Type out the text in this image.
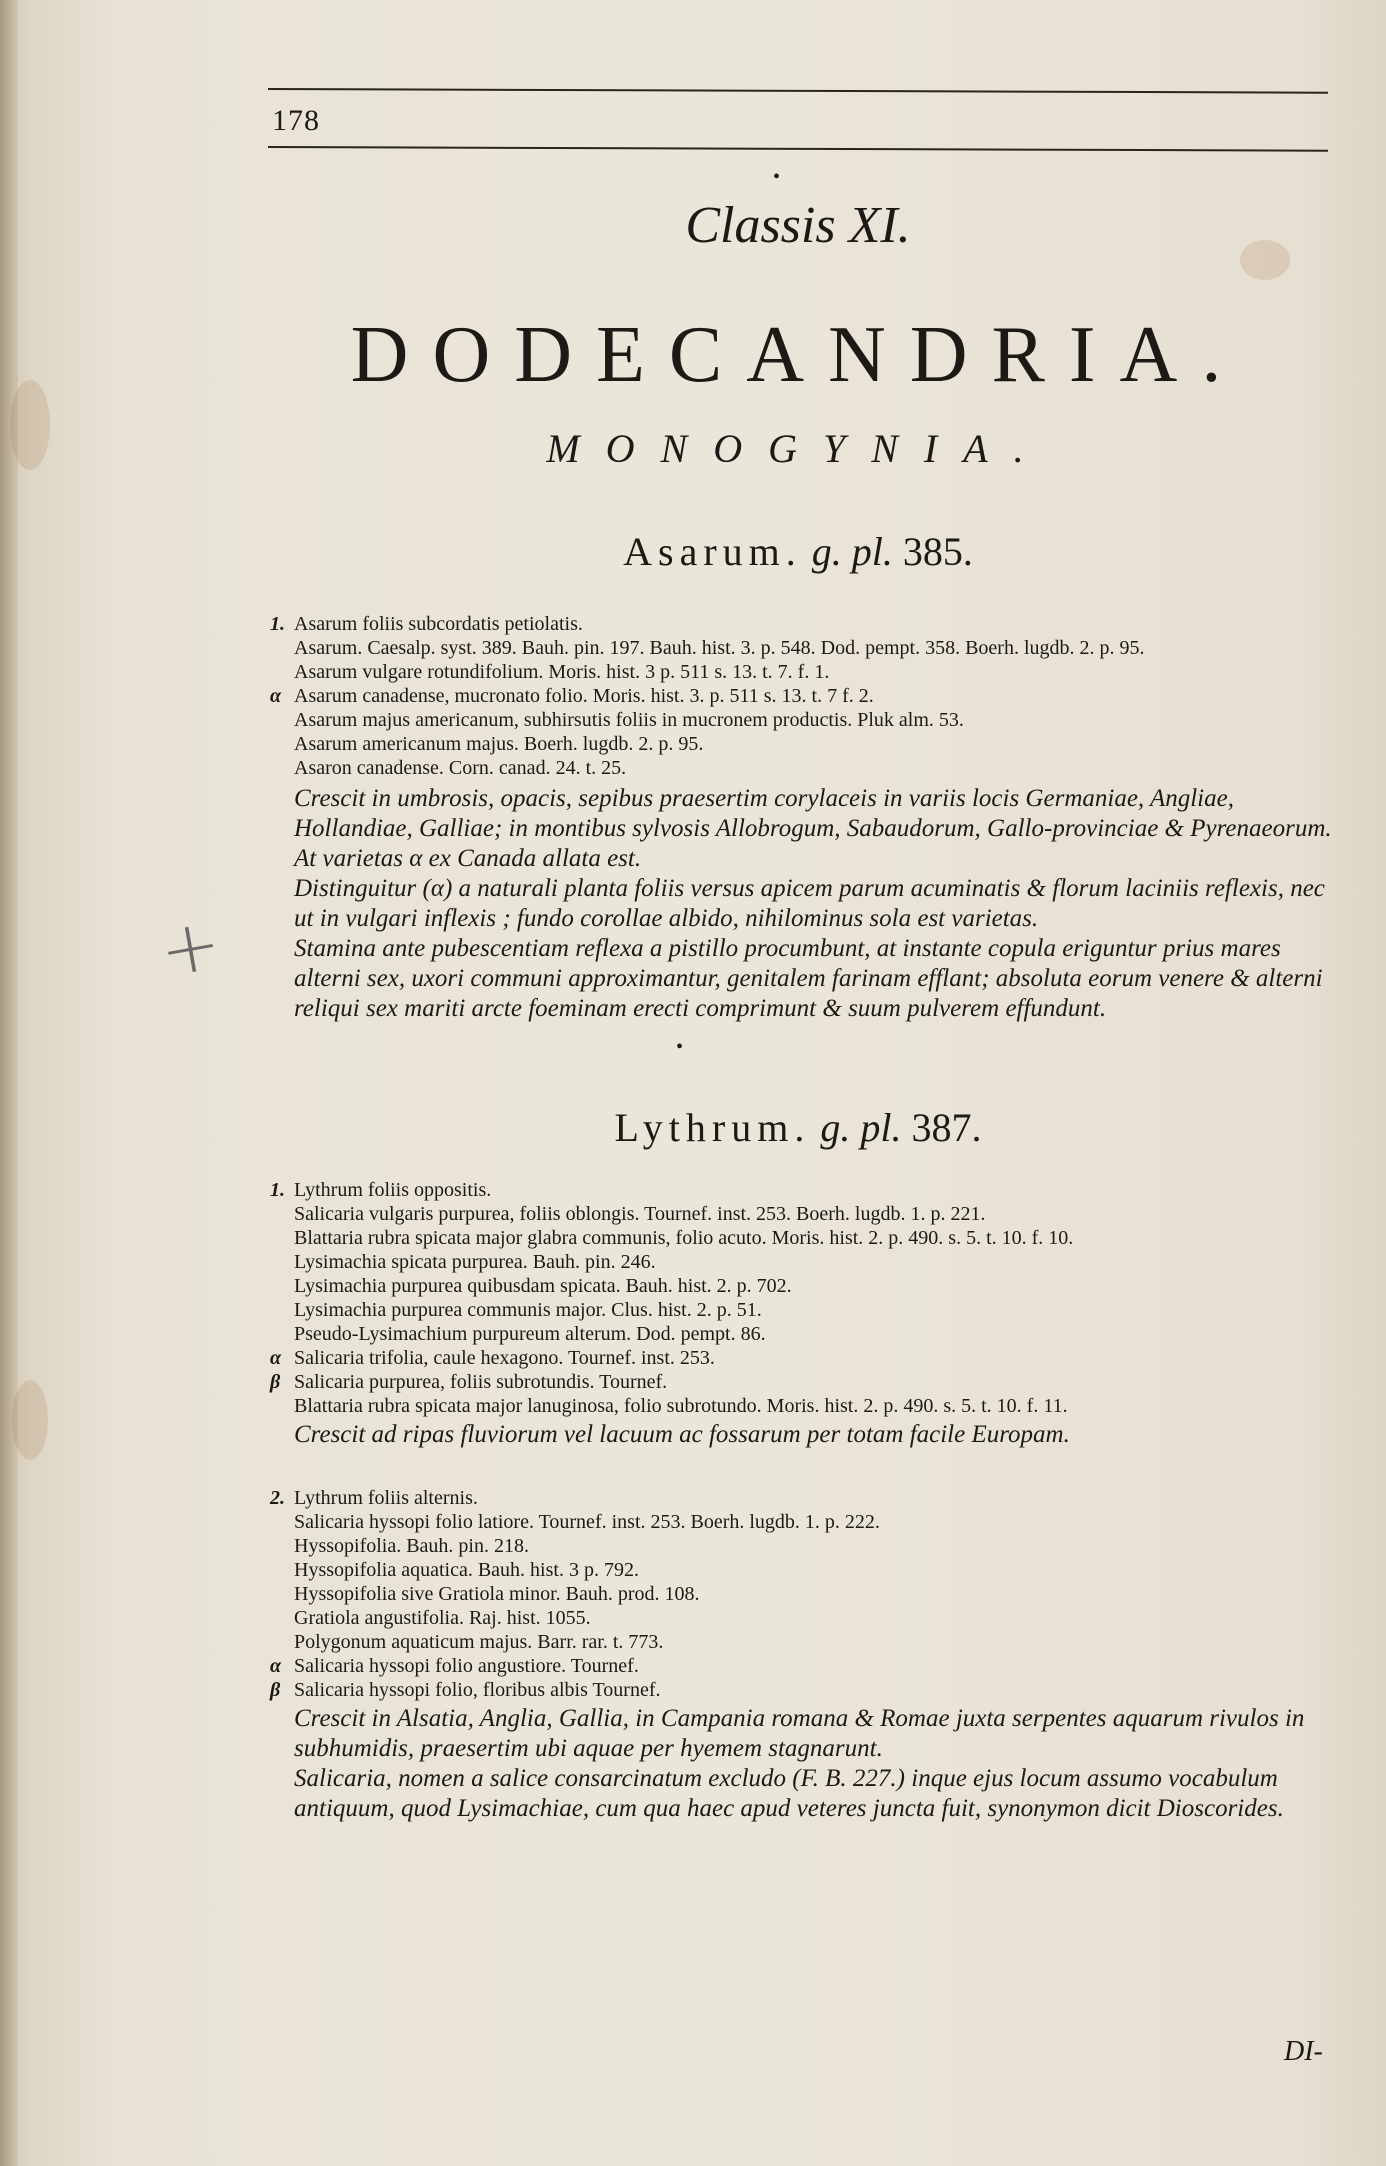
178
•
Classis XI.
DODECANDRIA.
MONOGYNIA.
Asarum. g. pl. 385.
1. Asarum foliis subcordatis petiolatis.
Asarum. Caesalp. syst. 389. Bauh. pin. 197. Bauh. hist. 3. p. 548. Dod. pempt. 358. Boerh. lugdb. 2. p. 95.
Asarum vulgare rotundifolium. Moris. hist. 3 p. 511 s. 13. t. 7. f. 1.
α Asarum canadense, mucronato folio. Moris. hist. 3. p. 511 s. 13. t. 7 f. 2.
Asarum majus americanum, subhirsutis foliis in mucronem productis. Pluk alm. 53.
Asarum americanum majus. Boerh. lugdb. 2. p. 95.
Asaron canadense. Corn. canad. 24. t. 25.
Crescit in umbrosis, opacis, sepibus praesertim corylaceis in variis locis Germaniae, Angliae, Hollandiae, Galliae; in montibus sylvosis Allobrogum, Sabaudorum, Gallo-provinciae & Pyrenaeorum. At varietas α ex Canada allata est.
Distinguitur (α) a naturali planta foliis versus apicem parum acuminatis & florum laciniis reflexis, nec ut in vulgari inflexis ; fundo corollae albido, nihilominus sola est varietas.
Stamina ante pubescentiam reflexa a pistillo procumbunt, at instante copula eriguntur prius mares alterni sex, uxori communi approximantur, genitalem farinam efflant; absoluta eorum venere & alterni reliqui sex mariti arcte foeminam erecti comprimunt & suum pulverem effundunt.
+
•
Lythrum. g. pl. 387.
1. Lythrum foliis oppositis.
Salicaria vulgaris purpurea, foliis oblongis. Tournef. inst. 253. Boerh. lugdb. 1. p. 221.
Blattaria rubra spicata major glabra communis, folio acuto. Moris. hist. 2. p. 490. s. 5. t. 10. f. 10.
Lysimachia spicata purpurea. Bauh. pin. 246.
Lysimachia purpurea quibusdam spicata. Bauh. hist. 2. p. 702.
Lysimachia purpurea communis major. Clus. hist. 2. p. 51.
Pseudo-Lysimachium purpureum alterum. Dod. pempt. 86.
α Salicaria trifolia, caule hexagono. Tournef. inst. 253.
β Salicaria purpurea, foliis subrotundis. Tournef.
Blattaria rubra spicata major lanuginosa, folio subrotundo. Moris. hist. 2. p. 490. s. 5. t. 10. f. 11.
Crescit ad ripas fluviorum vel lacuum ac fossarum per totam facile Europam.
2. Lythrum foliis alternis.
Salicaria hyssopi folio latiore. Tournef. inst. 253. Boerh. lugdb. 1. p. 222.
Hyssopifolia. Bauh. pin. 218.
Hyssopifolia aquatica. Bauh. hist. 3 p. 792.
Hyssopifolia sive Gratiola minor. Bauh. prod. 108.
Gratiola angustifolia. Raj. hist. 1055.
Polygonum aquaticum majus. Barr. rar. t. 773.
α Salicaria hyssopi folio angustiore. Tournef.
β Salicaria hyssopi folio, floribus albis Tournef.
Crescit in Alsatia, Anglia, Gallia, in Campania romana & Romae juxta serpentes aquarum rivulos in subhumidis, praesertim ubi aquae per hyemem stagnarunt.
Salicaria, nomen a salice consarcinatum excludo (F. B. 227.) inque ejus locum assumo vocabulum antiquum, quod Lysimachiae, cum qua haec apud veteres juncta fuit, synonymon dicit Dioscorides.
DI-
